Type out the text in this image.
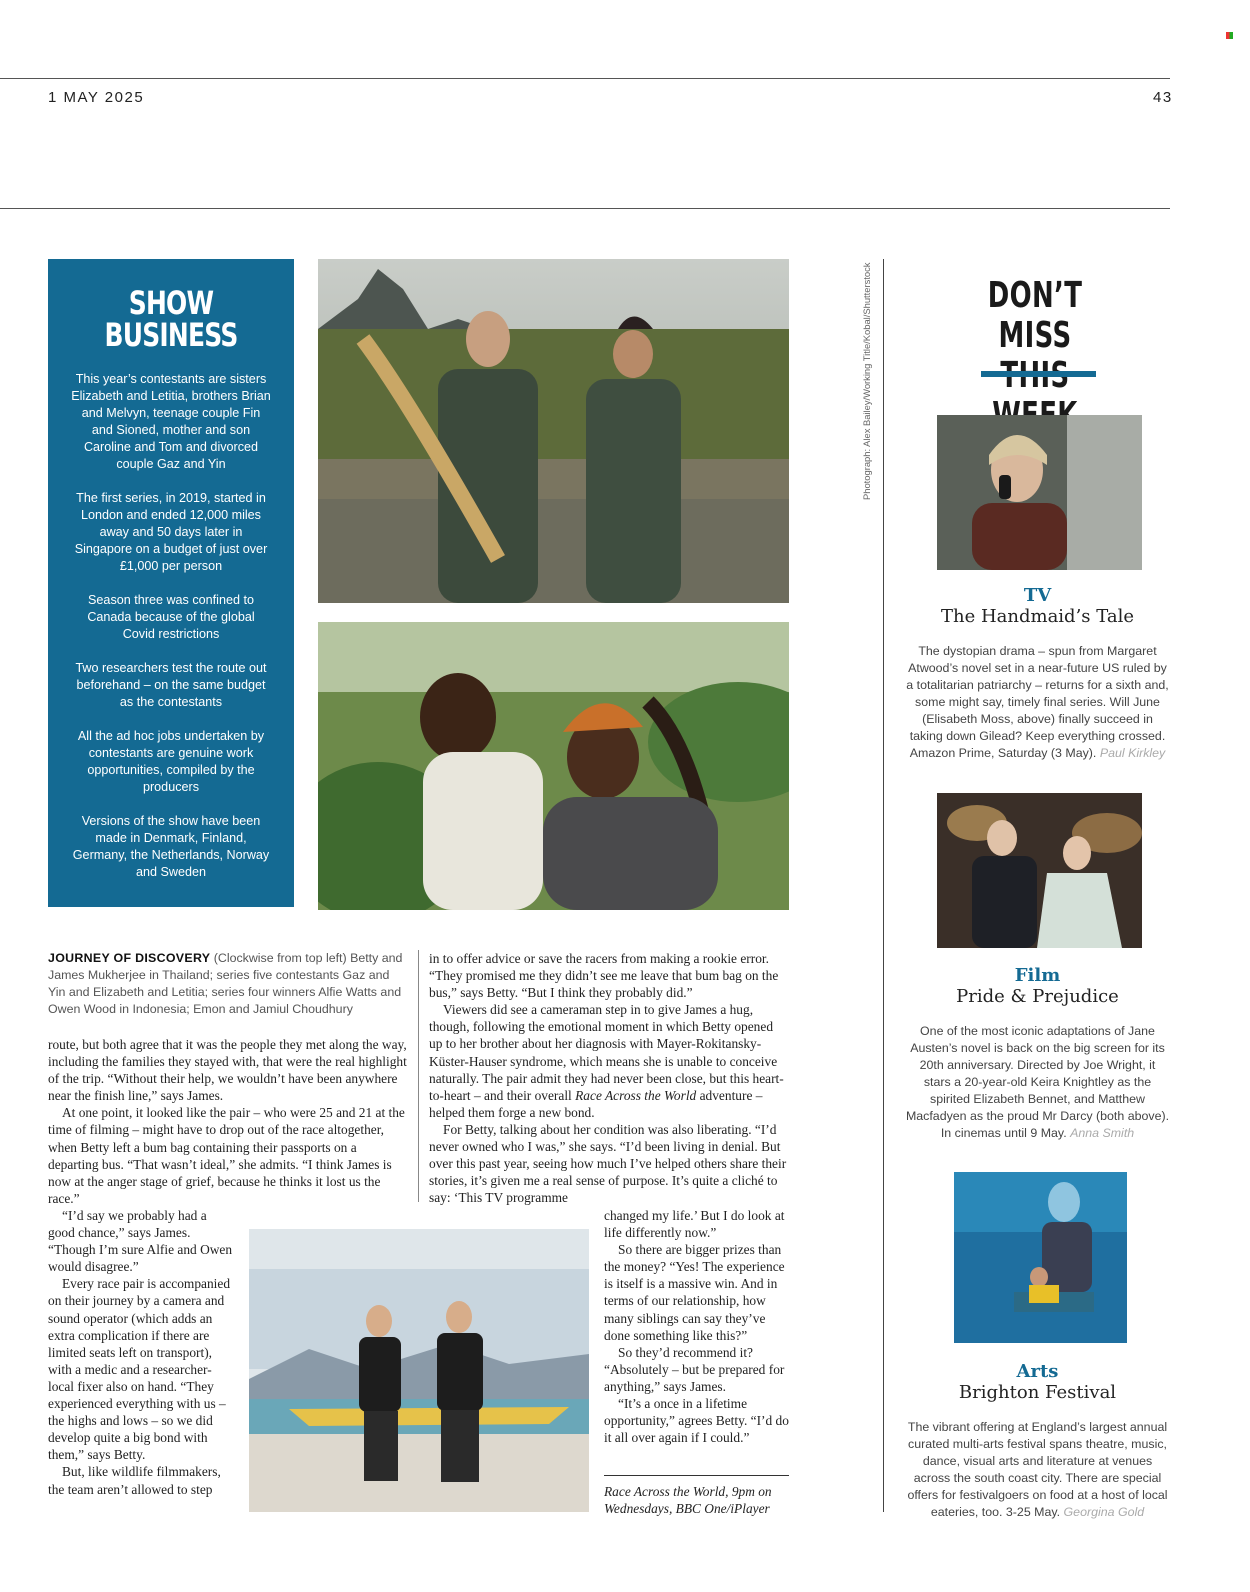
1 MAY 2025	43
SHOW BUSINESS

This year’s contestants are sisters Elizabeth and Letitia, brothers Brian and Melvyn, teenage couple Fin and Sioned, mother and son Caroline and Tom and divorced couple Gaz and Yin

The first series, in 2019, started in London and ended 12,000 miles away and 50 days later in Singapore on a budget of just over £1,000 per person

Season three was confined to Canada because of the global Covid restrictions

Two researchers test the route out beforehand – on the same budget as the contestants

All the ad hoc jobs undertaken by contestants are genuine work opportunities, compiled by the producers

Versions of the show have been made in Denmark, Finland, Germany, the Netherlands, Norway and Sweden

Photograph: Alex Bailey/Working Title/Kobal/Shutterstock
JOURNEY OF DISCOVERY (Clockwise from top left) Betty and James Mukherjee in Thailand; series five contestants Gaz and Yin and Elizabeth and Letitia; series four winners Alfie Watts and Owen Wood in Indonesia; Emon and Jamiul Choudhury

route, but both agree that it was the people they met along the way, including the families they stayed with, that were the real highlight of the trip. “Without their help, we wouldn’t have been anywhere near the finish line,” says James.

At one point, it looked like the pair – who were 25 and 21 at the time of filming – might have to drop out of the race altogether, when Betty left a bum bag containing their passports on a departing bus. “That wasn’t ideal,” she admits. “I think James is now at the anger stage of grief, because he thinks it lost us the race.”

“I’d say we probably had a good chance,” says James. “Though I’m sure Alfie and Owen would disagree.”

Every race pair is accompanied on their journey by a camera and sound operator (which adds an extra complication if there are limited seats left on transport), with a medic and a researcher-local fixer also on hand. “They experienced everything with us – the highs and lows – so we did develop quite a big bond with them,” says Betty.

But, like wildlife filmmakers, the team aren’t allowed to step

in to offer advice or save the racers from making a rookie error. “They promised me they didn’t see me leave that bum bag on the bus,” says Betty. “But I think they probably did.”

Viewers did see a cameraman step in to give James a hug, though, following the emotional moment in which Betty opened up to her brother about her diagnosis with Mayer-Rokitansky-Küster-Hauser syndrome, which means she is unable to conceive naturally. The pair admit they had never been close, but this heart-to-heart – and their overall Race Across the World adventure – helped them forge a new bond.

For Betty, talking about her condition was also liberating. “I’d never owned who I was,” she says. “I’d been living in denial. But over this past year, seeing how much I’ve helped others share their stories, it’s given me a real sense of purpose. It’s quite a cliché to say: ‘This TV programme

changed my life.’ But I do look at life differently now.”

So there are bigger prizes than the money? “Yes! The experience is itself is a massive win. And in terms of our relationship, how many siblings can say they’ve done something like this?”

So they’d recommend it? “Absolutely – but be prepared for anything,” says James.

“It’s a once in a lifetime opportunity,” agrees Betty. “I’d do it all over again if I could.”

Race Across the World, 9pm on Wednesdays, BBC One/iPlayer
DON’T MISS
TV
The Handmaid’s Tale
The dystopian drama – spun from Margaret Atwood’s novel set in a near-future US ruled by a totalitarian patriarchy – returns for a sixth and, some might say, timely final series. Will June (Elisabeth Moss, above) finally succeed in taking down Gilead? Keep everything crossed. Amazon Prime, Saturday (3 May). Paul Kirkley
Film
Pride & Prejudice
One of the most iconic adaptations of Jane Austen’s novel is back on the big screen for its 20th anniversary. Directed by Joe Wright, it stars a 20-year-old Keira Knightley as the spirited Elizabeth Bennet, and Matthew Macfadyen as the proud Mr Darcy (both above). In cinemas until 9 May. Anna Smith
Arts
Brighton Festival
The vibrant offering at England’s largest annual curated multi-arts festival spans theatre, music, dance, visual arts and literature at venues across the south coast city. There are special offers for festivalgoers on food at a host of local eateries, too. 3-25 May. Georgina Gold
